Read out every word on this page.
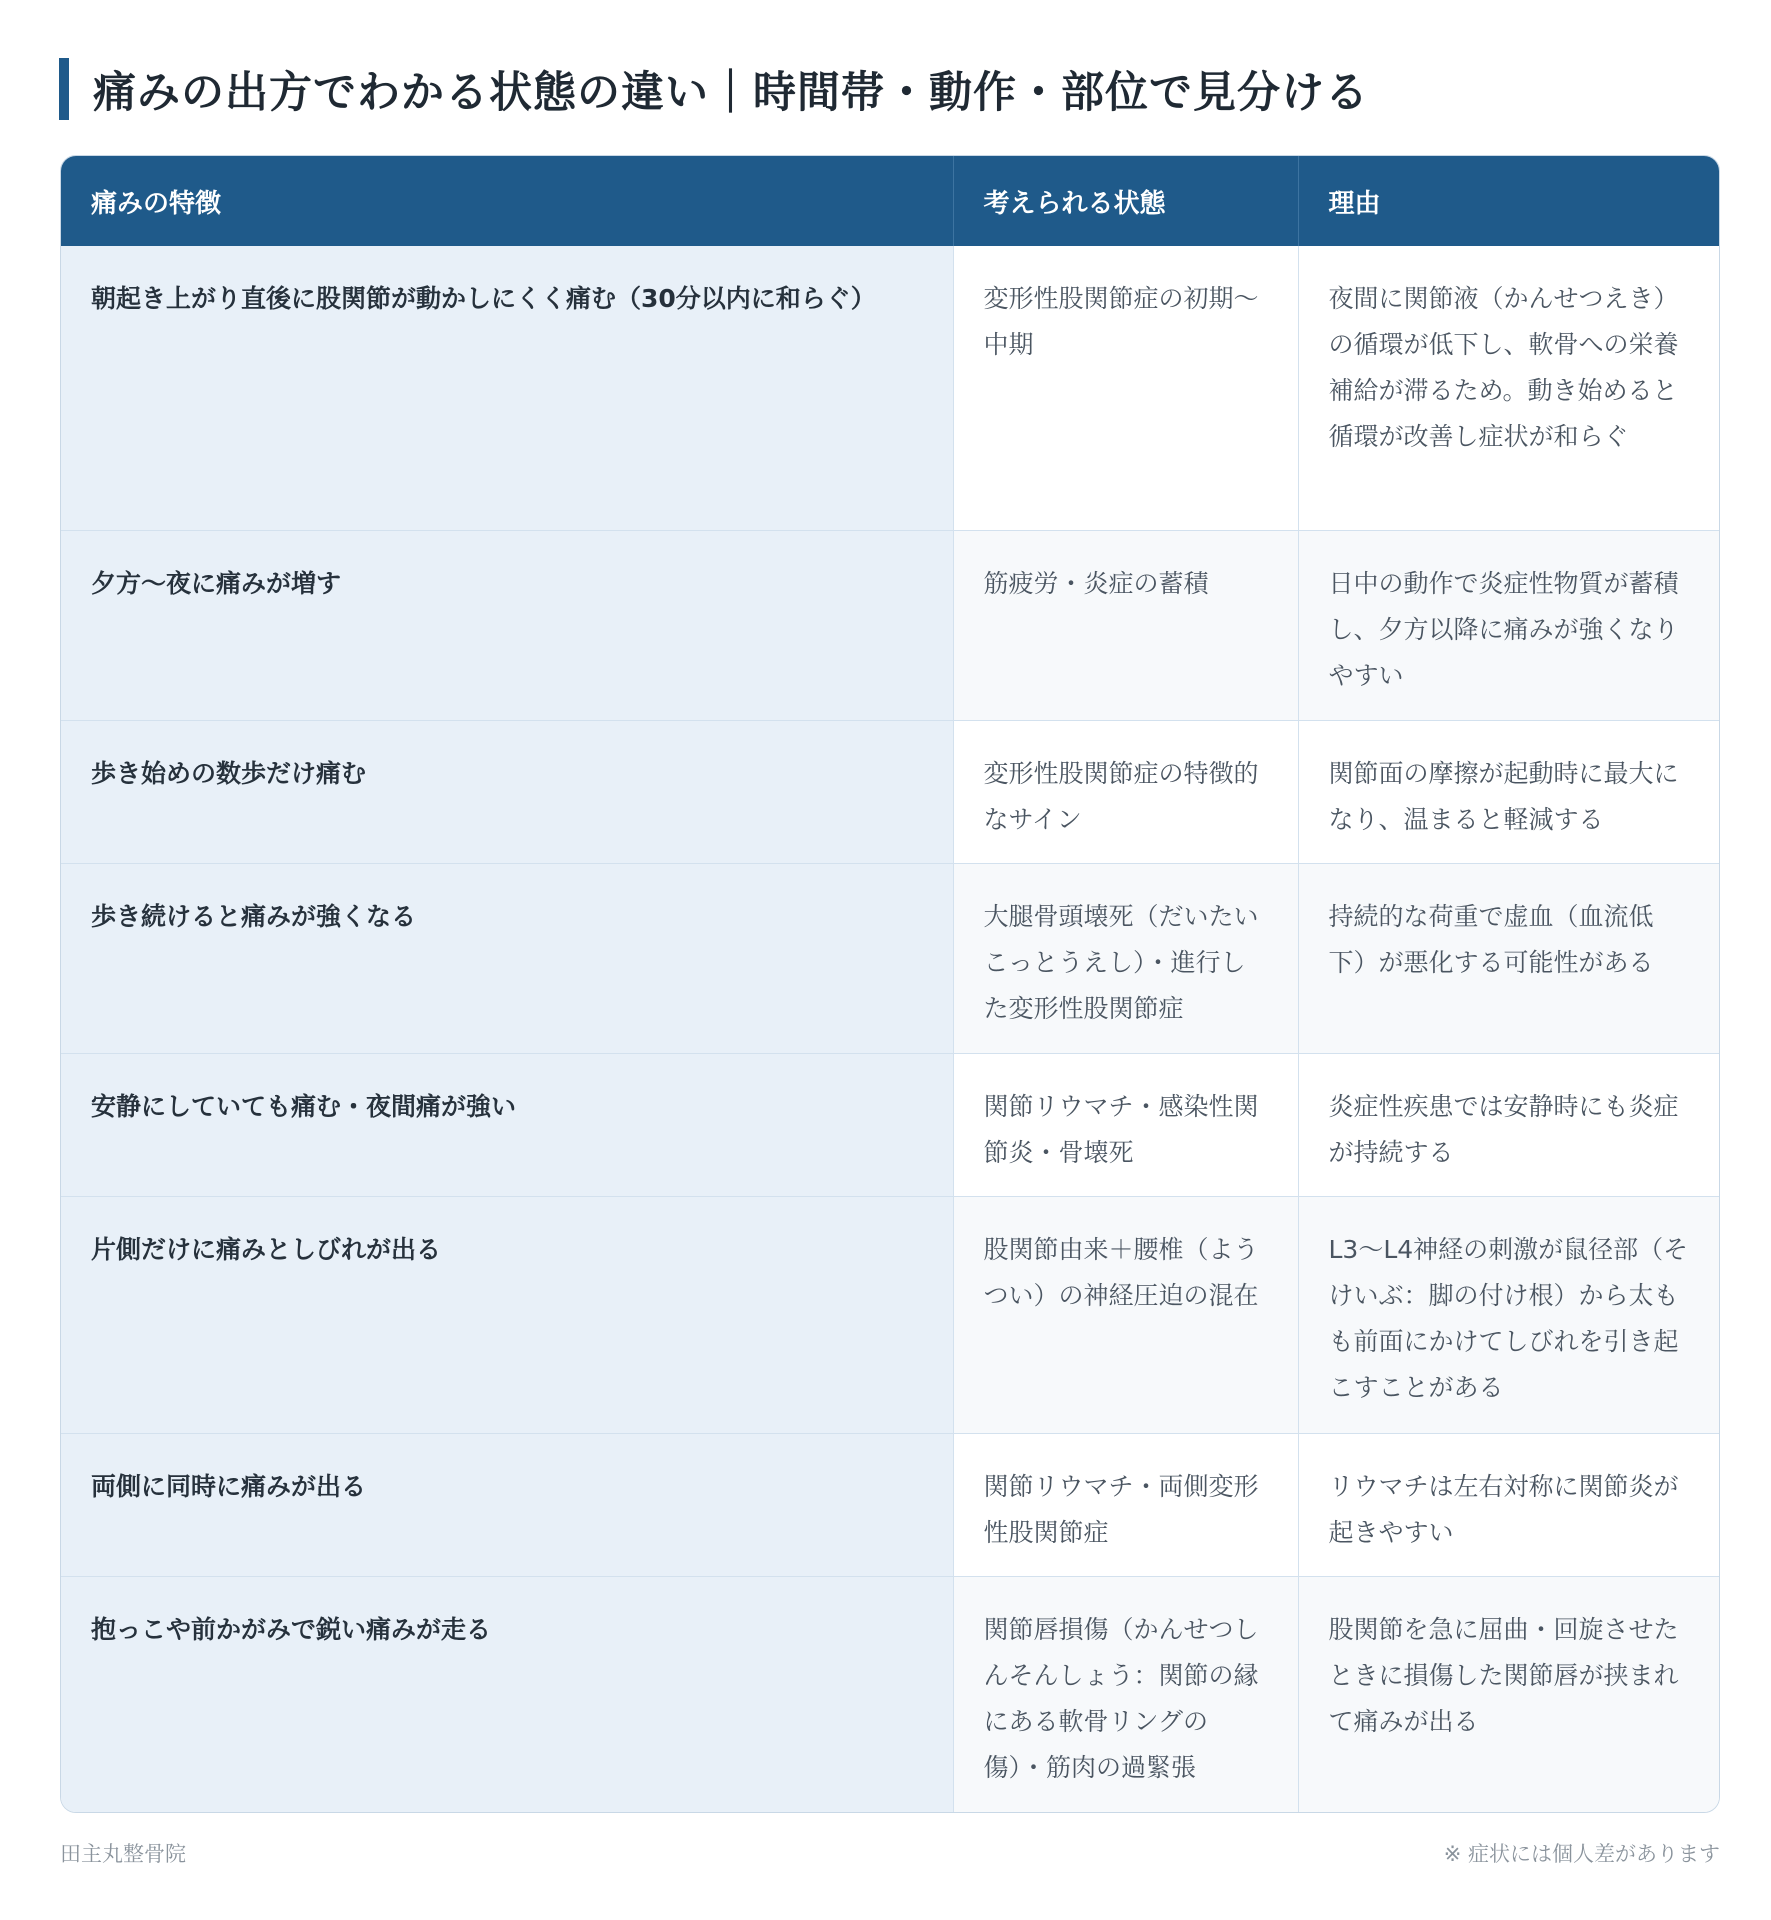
痛みの出方でわかる状態の違い｜時間帯・動作・部位で見分ける
痛みの特徴	考えられる状態	理由
朝起き上がり直後に股関節が動かしにくく痛む（30分以内に和らぐ）	変形性股関節症の初期〜中期	夜間に関節液（かんせつえき）の循環が低下し、軟骨への栄養補給が滞るため。動き始めると循環が改善し症状が和らぐ
夕方〜夜に痛みが増す	筋疲労・炎症の蓄積	日中の動作で炎症性物質が蓄積し、夕方以降に痛みが強くなりやすい
歩き始めの数歩だけ痛む	変形性股関節症の特徴的なサイン	関節面の摩擦が起動時に最大になり、温まると軽減する
歩き続けると痛みが強くなる	大腿骨頭壊死（だいたいこっとうえし）・進行した変形性股関節症	持続的な荷重で虚血（血流低下）が悪化する可能性がある
安静にしていても痛む・夜間痛が強い	関節リウマチ・感染性関節炎・骨壊死	炎症性疾患では安静時にも炎症が持続する
片側だけに痛みとしびれが出る	股関節由来＋腰椎（ようつい）の神経圧迫の混在	L3〜L4神経の刺激が鼠径部（そけいぶ：脚の付け根）から太もも前面にかけてしびれを引き起こすことがある
両側に同時に痛みが出る	関節リウマチ・両側変形性股関節症	リウマチは左右対称に関節炎が起きやすい
抱っこや前かがみで鋭い痛みが走る	関節唇損傷（かんせつしんそんしょう：関節の縁にある軟骨リングの傷）・筋肉の過緊張	股関節を急に屈曲・回旋させたときに損傷した関節唇が挟まれて痛みが出る
田主丸整骨院	※ 症状には個人差があります
